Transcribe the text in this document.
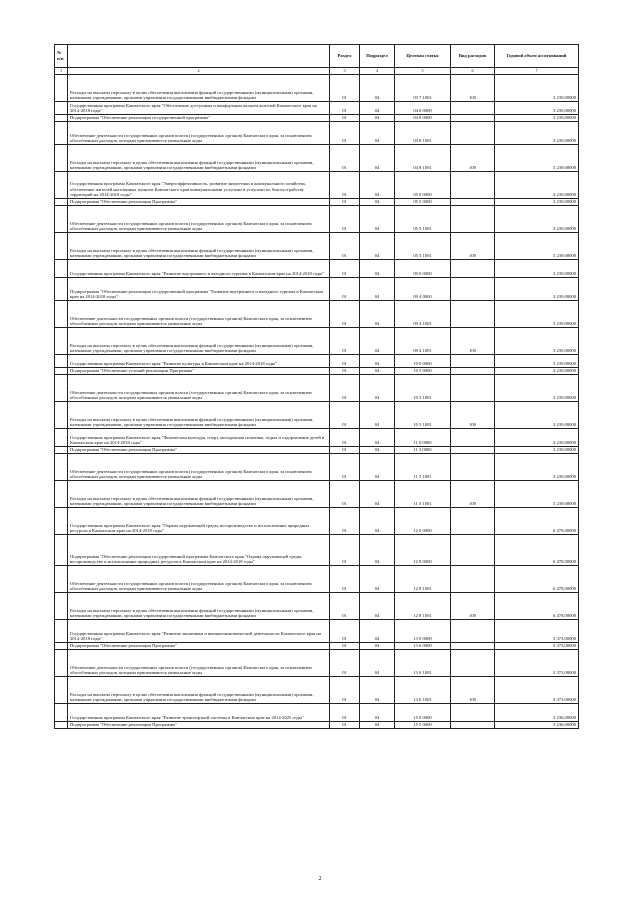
№ п/п		Раздел	Подраздел	Целевая статья	Вид расходов	Годовой объем ассигнований
1	2	3	4	5	6	7
	Расходы на выплаты персоналу в целях обеспечения выполнения функций государственными (муниципальными) органами, казенными учреждениями, органами управления государственными внебюджетными фондами	01	04	03 7 1001	100	3 239,00000
	Государственная программа Камчатского края "Обеспечение доступным и комфортным жильем жителей Камчатского края на 2014-2018 годы"	01	04	04 0 0000		3 239,00000
	Подпрограмма "Обеспечение реализации государственной программы"	01	04	04 8 0000		3 239,00000
	Обеспечение деятельности государственных органов власти (государственных органов) Камчатского края, за исключением обособленных расходов, которым присваиваются уникальные коды	01	04	04 8 1001		3 239,00000
	Расходы на выплаты персоналу в целях обеспечения выполнения функций государственными (муниципальными) органами, казенными учреждениями, органами управления государственными внебюджетными фондами	01	04	04 8 1001	100	3 239,00000
	Государственная программа Камчатского края "Энергоэффективность, развитие энергетики и коммунального хозяйства, обеспечение жителей населенных пунктов Камчатского края коммунальными услугами и услугами по благоустройству территорий на 2014-2018 годы"	01	04	05 0 0000		3 239,00000
	Подпрограмма "Обеспечение реализации Программы"	01	04	05 5 0000		3 239,00000
	Обеспечение деятельности государственных органов власти (государственных органов) Камчатского края, за исключением обособленных расходов, которым присваиваются уникальные коды	01	04	05 5 1001		3 239,00000
	Расходы на выплаты персоналу в целях обеспечения выполнения функций государственными (муниципальными) органами, казенными учреждениями, органами управления государственными внебюджетными фондами	01	04	05 5 1001	100	3 239,00000
	Государственная программа Камчатского края "Развитие внутреннего и въездного туризма в Камчатском крае на 2014-2018 годы"	01	04	09 0 0000		3 239,00000
	Подпрограмма "Обеспечение реализации государственной программы "Развитие внутреннего и въездного туризма в Камчатском крае на 2014-2018 годы"	01	04	09 4 0000		3 239,00000
	Обеспечение деятельности государственных органов власти (государственных органов) Камчатского края, за исключением обособленных расходов, которым присваиваются уникальные коды	01	04	09 4 1001		3 239,00000
	Расходы на выплаты персоналу в целях обеспечения выполнения функций государственными (муниципальными) органами, казенными учреждениями, органами управления государственными внебюджетными фондами	01	04	09 4 1001	100	3 239,00000
	Государственная программа Камчатского края "Развитие культуры в Камчатском крае на 2014-2018 годы"	01	04	10 0 0000		3 239,00000
	Подпрограмма "Обеспечение условий реализации Программы"	01	04	10 5 0000		3 239,00000
	Обеспечение деятельности государственных органов власти (государственных органов) Камчатского края, за исключением обособленных расходов, которым присваиваются уникальные коды	01	04	10 5 1001		3 239,00000
	Расходы на выплаты персоналу в целях обеспечения выполнения функций государственными (муниципальными) органами, казенными учреждениями, органами управления государственными внебюджетными фондами	01	04	10 5 1001	100	3 239,00000
	Государственная программа Камчатского края "Физическая культура, спорт, молодежная политика, отдых и оздоровление детей в Камчатском крае на 2014-2018 годы"	01	04	11 0 0000		3 239,00000
	Подпрограмма "Обеспечение реализации Программы"	01	04	11 3 0000		3 239,00000
	Обеспечение деятельности государственных органов власти (государственных органов) Камчатского края, за исключением обособленных расходов, которым присваиваются уникальные коды	01	04	11 3 1001		3 239,00000
	Расходы на выплаты персоналу в целях обеспечения выполнения функций государственными (муниципальными) органами, казенными учреждениями, органами управления государственными внебюджетными фондами	01	04	11 3 1001	100	3 239,00000
	Государственная программа Камчатского края "Охрана окружающей среды, воспроизводство и использование природных ресурсов в Камчатском крае на 2014-2018 годы"	01	04	12 0 0000		6 478,00000
	Подпрограмма "Обеспечение реализации государственной программы Камчатского края "Охрана окружающей среды, воспроизводство и использование природных ресурсов в Камчатском крае на 2014-2018 годы"	01	04	12 8 0000		6 478,00000
	Обеспечение деятельности государственных органов власти (государственных органов) Камчатского края, за исключением обособленных расходов, которым присваиваются уникальные коды	01	04	12 8 1001		6 478,00000
	Расходы на выплаты персоналу в целях обеспечения выполнения функций государственными (муниципальными) органами, казенными учреждениями, органами управления государственными внебюджетными фондами	01	04	12 8 1001	100	6 478,00000
	Государственная программа Камчатского края "Развитие экономики и внешнеэкономической деятельности Камчатского края на 2014-2018 годы"	01	04	13 0 0000		3 373,00000
	Подпрограмма "Обеспечение реализации Программы"	01	04	13 6 0000		3 373,00000
	Обеспечение деятельности государственных органов власти (государственных органов) Камчатского края, за исключением обособленных расходов, которым присваиваются уникальные коды	01	04	13 6 1001		3 373,00000
	Расходы на выплаты персоналу в целях обеспечения выполнения функций государственными (муниципальными) органами, казенными учреждениями, органами управления государственными внебюджетными фондами	01	04	13 6 1001	100	3 373,00000
	Государственная программа Камчатского края "Развитие транспортной системы в Камчатском крае на 2014-2025 годы"	01	04	15 0 0000		3 236,00000
	Подпрограмма "Обеспечение реализации Программы"	01	04	15 5 0000		3 236,00000
2
